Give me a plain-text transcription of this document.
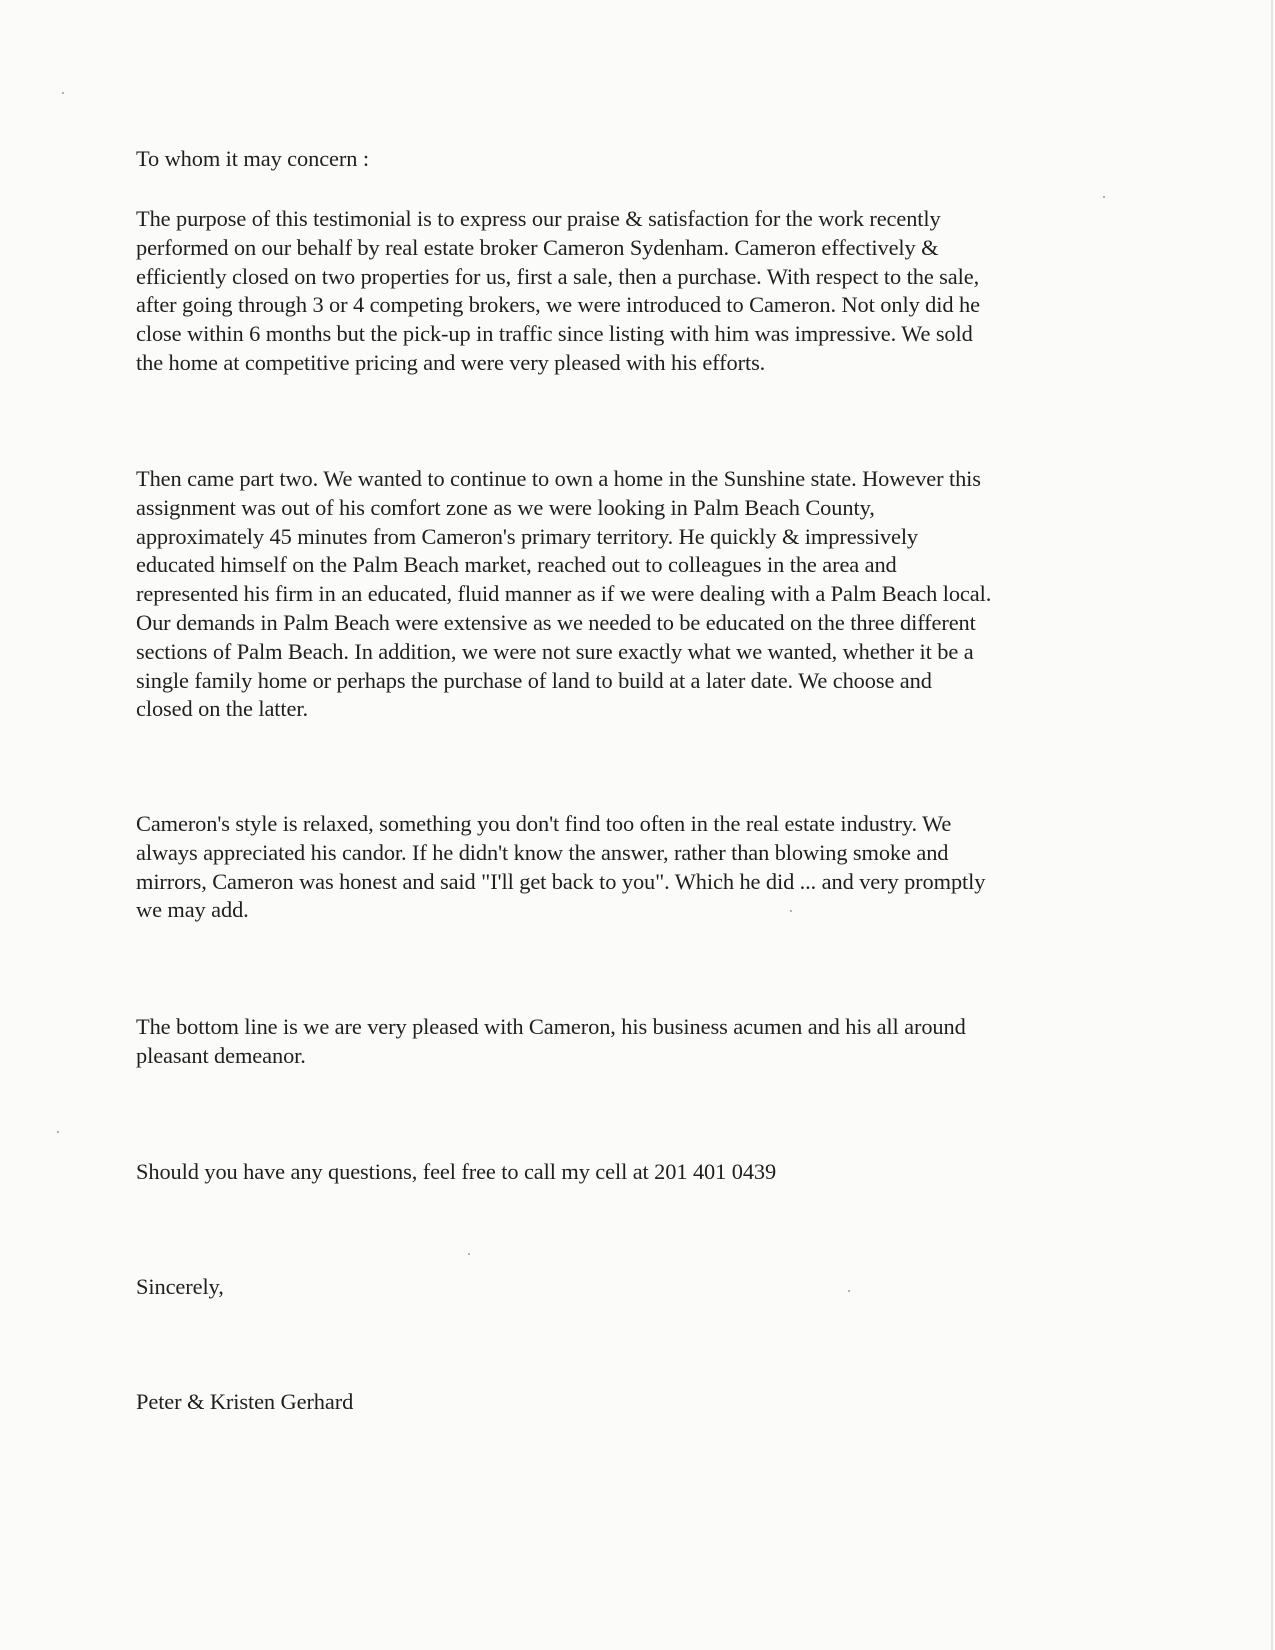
To whom it may concern :

The purpose of this testimonial is to express our praise & satisfaction for the work recently
performed on our behalf by real estate broker Cameron Sydenham. Cameron effectively &
efficiently closed on two properties for us, first a sale, then a purchase. With respect to the sale,
after going through 3 or 4 competing brokers, we were introduced to Cameron. Not only did he
close within 6 months but the pick-up in traffic since listing with him was impressive. We sold
the home at competitive pricing and were very pleased with his efforts.

Then came part two. We wanted to continue to own a home in the Sunshine state. However this
assignment was out of his comfort zone as we were looking in Palm Beach County,
approximately 45 minutes from Cameron's primary territory. He quickly & impressively
educated himself on the Palm Beach market, reached out to colleagues in the area and
represented his firm in an educated, fluid manner as if we were dealing with a Palm Beach local.
Our demands in Palm Beach were extensive as we needed to be educated on the three different
sections of Palm Beach. In addition, we were not sure exactly what we wanted, whether it be a
single family home or perhaps the purchase of land to build at a later date. We choose and
closed on the latter.

Cameron's style is relaxed, something you don't find too often in the real estate industry. We
always appreciated his candor. If he didn't know the answer, rather than blowing smoke and
mirrors, Cameron was honest and said "I'll get back to you". Which he did ... and very promptly
we may add.

The bottom line is we are very pleased with Cameron, his business acumen and his all around
pleasant demeanor.

Should you have any questions, feel free to call my cell at 201 401 0439

Sincerely,

Peter & Kristen Gerhard
